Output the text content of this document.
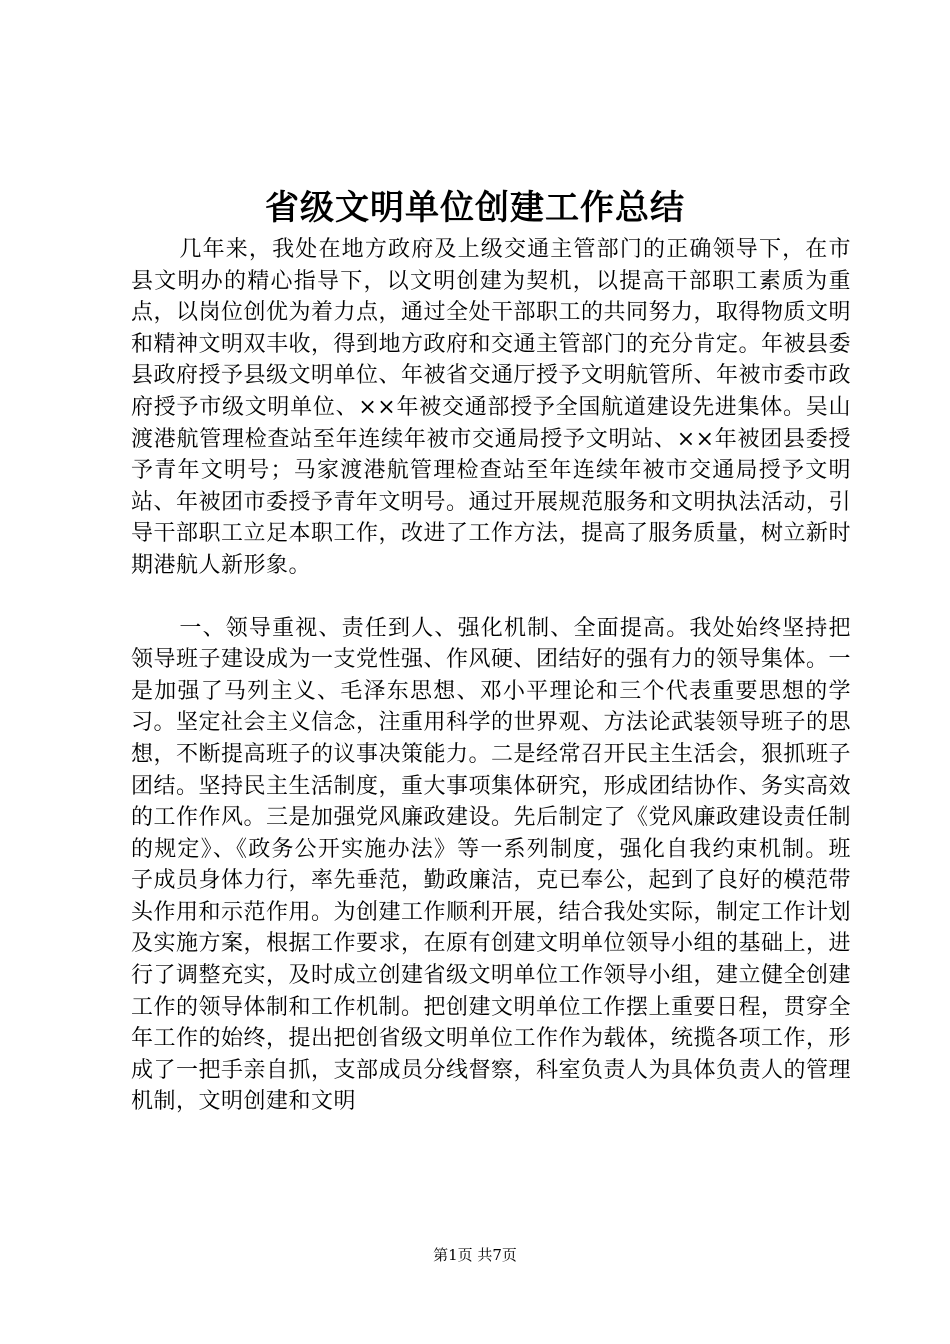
省级文明单位创建工作总结

几年来，我处在地方政府及上级交通主管部门的正确领导下，在市县文明办的精心指导下，以文明创建为契机，以提高干部职工素质为重点，以岗位创优为着力点，通过全处干部职工的共同努力，取得物质文明和精神文明双丰收，得到地方政府和交通主管部门的充分肯定。年被县委县政府授予县级文明单位、年被省交通厅授予文明航管所、年被市委市政府授予市级文明单位、××年被交通部授予全国航道建设先进集体。吴山渡港航管理检查站至年连续年被市交通局授予文明站、××年被团县委授予青年文明号；马家渡港航管理检查站至年连续年被市交通局授予文明站、年被团市委授予青年文明号。通过开展规范服务和文明执法活动，引导干部职工立足本职工作，改进了工作方法，提高了服务质量，树立新时期港航人新形象。

一、领导重视、责任到人、强化机制、全面提高。我处始终坚持把领导班子建设成为一支党性强、作风硬、团结好的强有力的领导集体。一是加强了马列主义、毛泽东思想、邓小平理论和三个代表重要思想的学习。坚定社会主义信念，注重用科学的世界观、方法论武装领导班子的思想，不断提高班子的议事决策能力。二是经常召开民主生活会，狠抓班子团结。坚持民主生活制度，重大事项集体研究，形成团结协作、务实高效的工作作风。三是加强党风廉政建设。先后制定了《党风廉政建设责任制的规定》、《政务公开实施办法》等一系列制度，强化自我约束机制。班子成员身体力行，率先垂范，勤政廉洁，克已奉公，起到了良好的模范带头作用和示范作用。为创建工作顺利开展，结合我处实际，制定工作计划及实施方案，根据工作要求，在原有创建文明单位领导小组的基础上，进行了调整充实，及时成立创建省级文明单位工作领导小组，建立健全创建工作的领导体制和工作机制。把创建文明单位工作摆上重要日程，贯穿全年工作的始终，提出把创省级文明单位工作作为载体，统揽各项工作，形成了一把手亲自抓，支部成员分线督察，科室负责人为具体负责人的管理机制，文明创建和文明

第1页 共7页
